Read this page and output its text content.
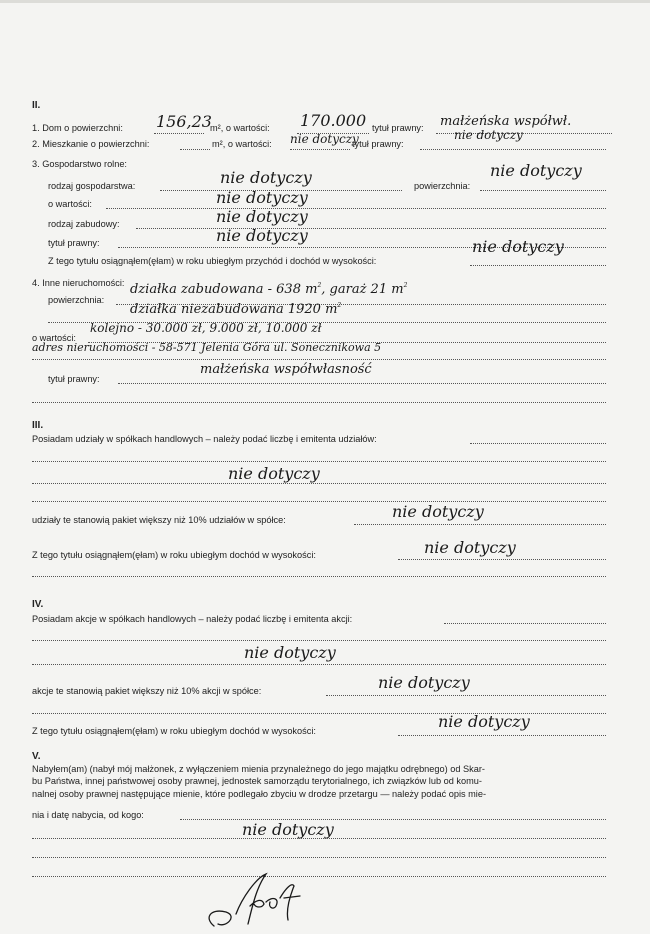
II.
1. Dom o powierzchni: 156,23
m², o wartości: 170.000 tytuł prawny: małżeńska współwł.
2. Mieszkanie o powierzchni:	m², o wartości: nie dotyczy
tytuł prawny:
nie dotyczy
3. Gospodarstwo rolne:
rodzaj gospodarstwa:	nie dotyczy	powierzchnia:
nie dotyczy
o wartości:	nie dotyczy
rodzaj zabudowy:	nie dotyczy
tytuł prawny:	nie dotyczy
Z tego tytułu osiągnąłem(ęłam) w roku ubiegłym przychód i dochód w wysokości:
nie dotyczy
4. Inne nieruchomości:
powierzchnia:
działka zabudowana - 638 $m^2$, garaż 21 $m^2$
działka niezabudowana 1920 $m^2$
o wartości:
kolejno - 30.000 zł, 9.000 zł, 10.000 zł
adres nieruchomości - 58-571 Jelenia Góra ul. Sonecznikowa 5
tytuł prawny:
małżeńska współwłasność
III.
Posiadam udziały w spółkach handlowych – należy podać liczbę i emitenta udziałów:
nie dotyczy
udziały te stanowią pakiet większy niż 10% udziałów w spółce:	nie dotyczy
Z tego tytułu osiągnąłem(ęłam) w roku ubiegłym dochód w wysokości:	nie dotyczy
IV.
Posiadam akcje w spółkach handlowych – należy podać liczbę i emitenta akcji:
nie dotyczy
akcje te stanowią pakiet większy niż 10% akcji w spółce:	nie dotyczy
Z tego tytułu osiągnąłem(ęłam) w roku ubiegłym dochód w wysokości:	nie dotyczy
V.
Nabyłem(am) (nabył mój małżonek, z wyłączeniem mienia przynależnego do jego majątku odrębnego) od Skar-
bu Państwa, innej państwowej osoby prawnej, jednostek samorządu terytorialnego, ich związków lub od komu-
nalnej osoby prawnej następujące mienie, które podlegało zbyciu w drodze przetargu — należy podać opis mie-
nia i datę nabycia, od kogo:
nie dotyczy
